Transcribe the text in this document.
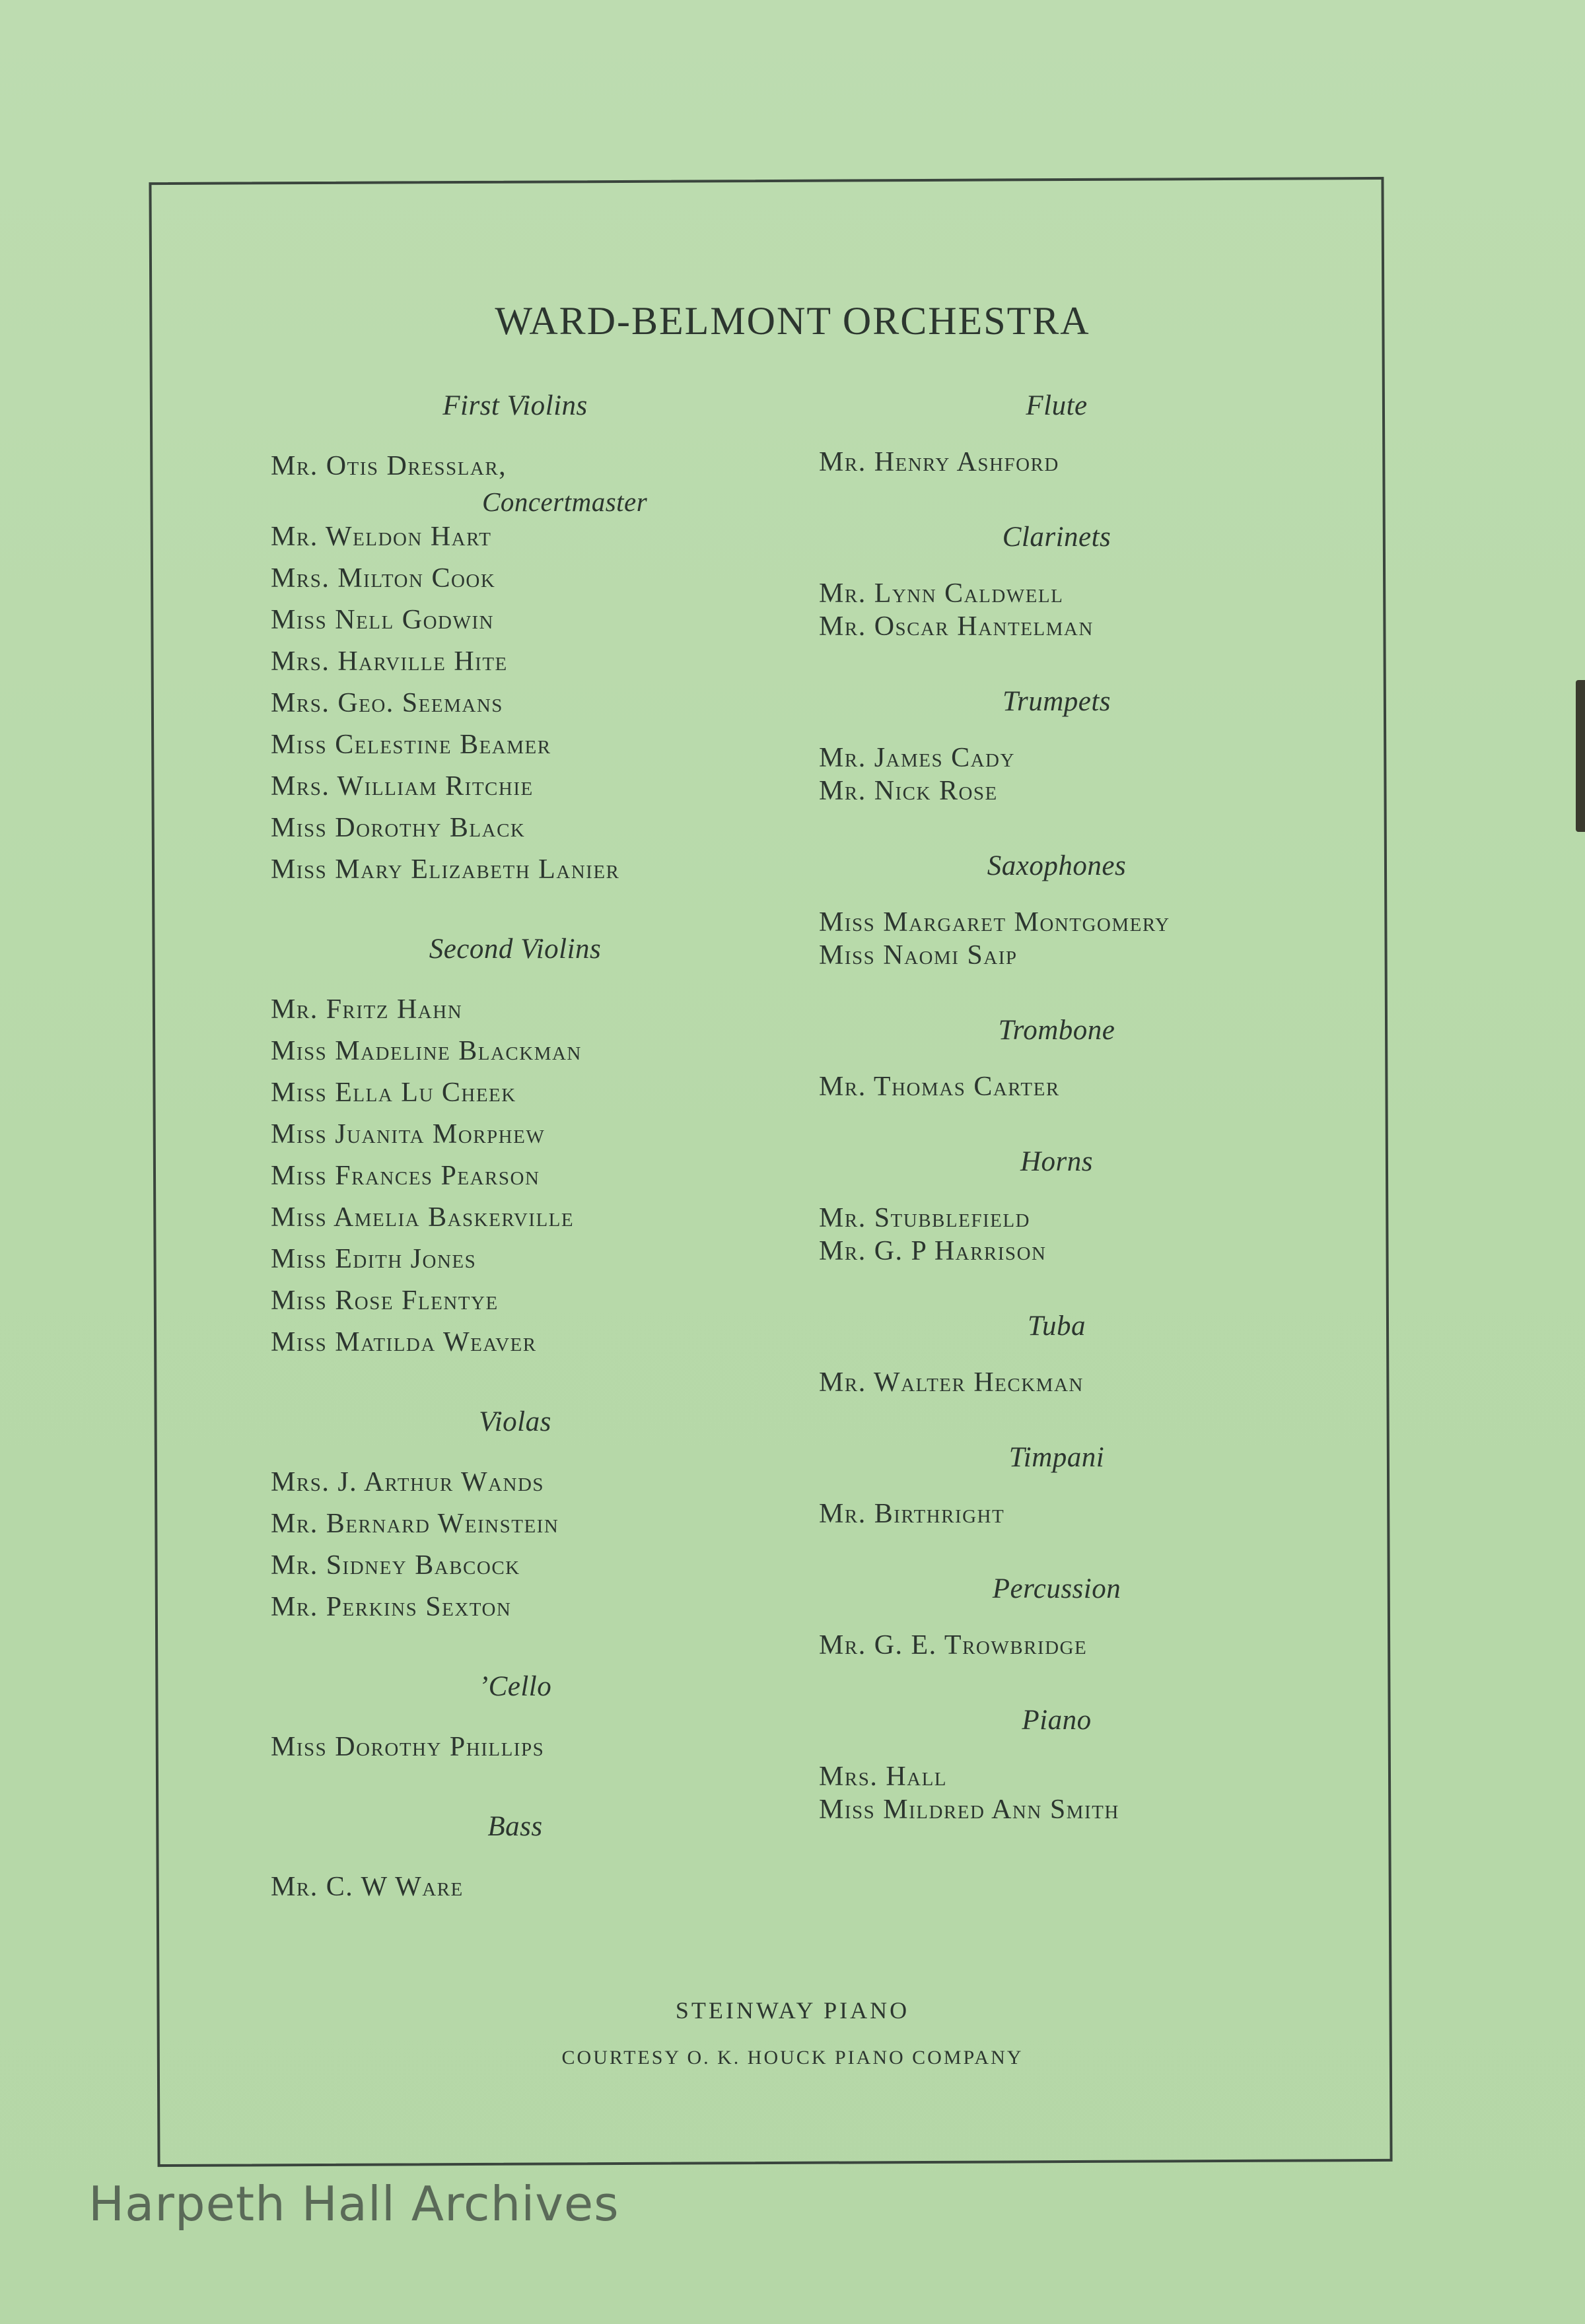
WARD-BELMONT ORCHESTRA
First Violins
Mr. Otis Dresslar,
Concertmaster
Mr. Weldon Hart
Mrs. Milton Cook
Miss Nell Godwin
Mrs. Harville Hite
Mrs. Geo. Seemans
Miss Celestine Beamer
Mrs. William Ritchie
Miss Dorothy Black
Miss Mary Elizabeth Lanier
Second Violins
Mr. Fritz Hahn
Miss Madeline Blackman
Miss Ella Lu Cheek
Miss Juanita Morphew
Miss Frances Pearson
Miss Amelia Baskerville
Miss Edith Jones
Miss Rose Flentye
Miss Matilda Weaver
Violas
Mrs. J. Arthur Wands
Mr. Bernard Weinstein
Mr. Sidney Babcock
Mr. Perkins Sexton
’Cello
Miss Dorothy Phillips
Bass
Mr. C. W Ware
Flute
Mr. Henry Ashford
Clarinets
Mr. Lynn Caldwell
Mr. Oscar Hantelman
Trumpets
Mr. James Cady
Mr. Nick Rose
Saxophones
Miss Margaret Montgomery
Miss Naomi Saip
Trombone
Mr. Thomas Carter
Horns
Mr. Stubblefield
Mr. G. P Harrison
Tuba
Mr. Walter Heckman
Timpani
Mr. Birthright
Percussion
Mr. G. E. Trowbridge
Piano
Mrs. Hall
Miss Mildred Ann Smith
STEINWAY PIANO
COURTESY O. K. HOUCK PIANO COMPANY
Harpeth Hall Archives
